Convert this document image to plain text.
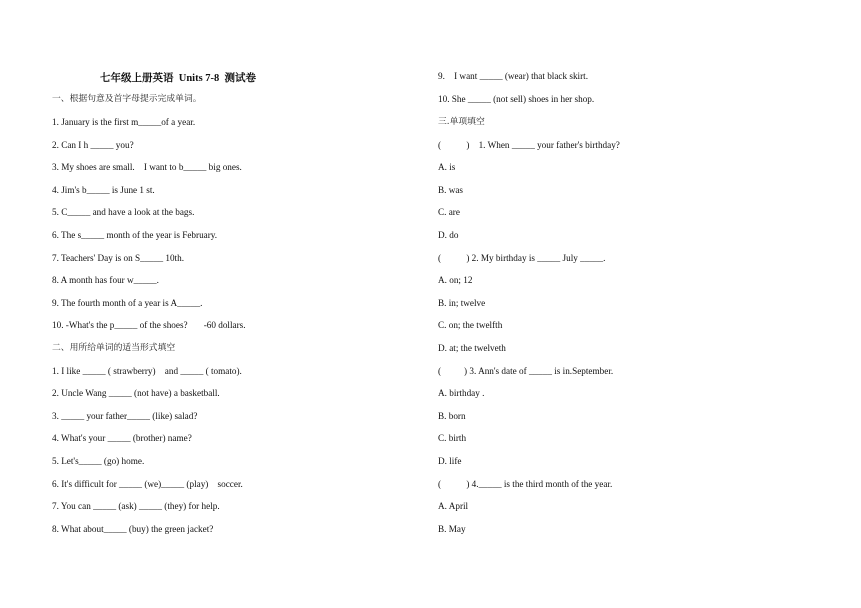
七年级上册英语  Units 7-8  测试卷
一、根据句意及首字母提示完成单词。
1. January is the first m_____of a year.
2. Can I h _____ you?
3. My shoes are small.    I want to b_____ big ones.
4. Jim's b_____ is June 1 st.
5. C_____ and have a look at the bags.
6. The s_____ month of the year is February.
7. Teachers' Day is on S_____ 10th.
8. A month has four w_____.
9. The fourth month of a year is A_____.
10. -What's the p_____ of the shoes?       -60 dollars.
二、用所给单词的适当形式填空
1. I like _____ ( strawberry)    and _____ ( tomato).
2. Uncle Wang _____ (not have) a basketball.
3. _____ your father_____ (like) salad?
4. What's your _____ (brother) name?
5. Let's_____ (go) home.
6. It's difficult for _____ (we)_____ (play)    soccer.
7. You can _____ (ask) _____ (they) for help.
8. What about_____ (buy) the green jacket?
9.    I want _____ (wear) that black skirt.
10. She _____ (not sell) shoes in her shop.
三.单项填空
(           )    1. When _____ your father's birthday?
A. is
B. was
C. are
D. do
(           ) 2. My birthday is _____ July _____.
A. on; 12
B. in; twelve
C. on; the twelfth
D. at; the twelveth
(          ) 3. Ann's date of _____ is in.September.
A. birthday .
B. born
C. birth
D. life
(           ) 4._____ is the third month of the year.
A. April
B. May
